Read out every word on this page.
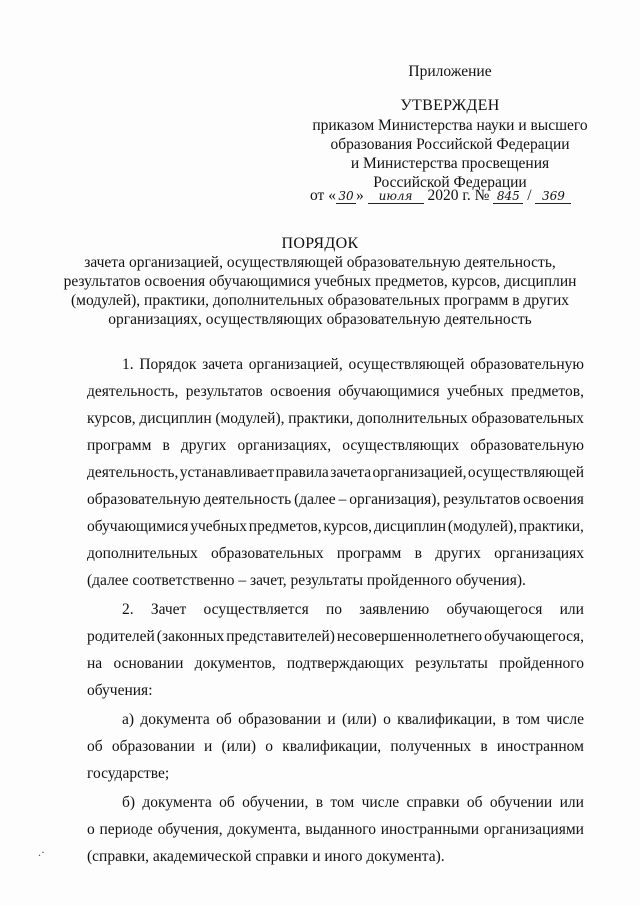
Приложение
УТВЕРЖДЕН
приказом Министерства науки и высшего
образования Российской Федерации
и Министерства просвещения
Российской Федерации
от « 30 » июля 2020 г. № 845 / 369
ПОРЯДОК
зачета организацией, осуществляющей образовательную деятельность,
результатов освоения обучающимися учебных предметов, курсов, дисциплин
(модулей), практики, дополнительных образовательных программ в других
организациях, осуществляющих образовательную деятельность
1. Порядок зачета организацией, осуществляющей образовательную
деятельность, результатов освоения обучающимися учебных предметов,
курсов, дисциплин (модулей), практики, дополнительных образовательных
программ в других организациях, осуществляющих образовательную
деятельность, устанавливает правила зачета организацией, осуществляющей
образовательную деятельность (далее – организация), результатов освоения
обучающимися учебных предметов, курсов, дисциплин (модулей), практики,
дополнительных образовательных программ в других организациях
(далее соответственно – зачет, результаты пройденного обучения).
2. Зачет осуществляется по заявлению обучающегося или
родителей (законных представителей) несовершеннолетнего обучающегося,
на основании документов, подтверждающих результаты пройденного
обучения:
а) документа об образовании и (или) о квалификации, в том числе
об образовании и (или) о квалификации, полученных в иностранном
государстве;
б) документа об обучении, в том числе справки об обучении или
о периоде обучения, документа, выданного иностранными организациями
(справки, академической справки и иного документа).
.·
